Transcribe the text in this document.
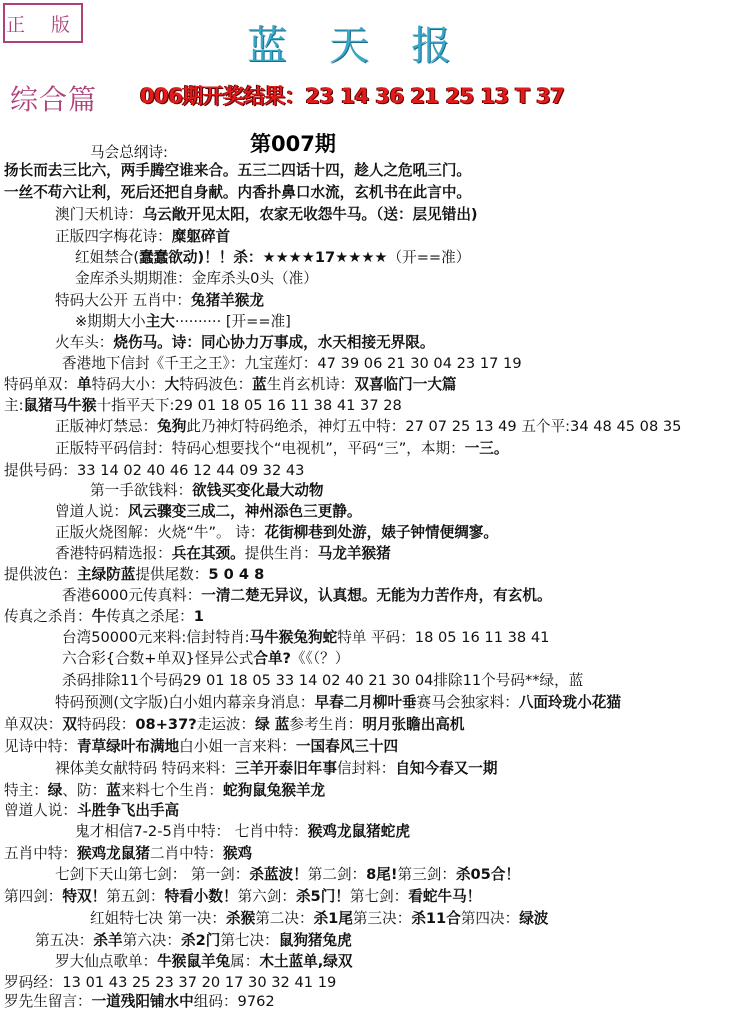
正 版	蓝天报
综合篇 006期开奖结果：23 14 36 21 25 13 T 37
第007期
马会总纲诗:
扬长而去三比六，两手腾空谁来合。五三二四话十四，趁人之危吼三门。
一丝不苟六让利，死后还把自身献。内香扑鼻口水流，玄机书在此言中。
澳门天机诗：乌云敞开见太阳，农家无收怨牛马。（送：层见错出)
正版四字梅花诗：糜躯碎首
红姐禁合(蠢蠢欲动)！！杀：★★★★17★★★★（开==准）
金库杀头期期准：金库杀头0头（准）
特码大公开 五肖中：兔猪羊猴龙
※期期大小主大·········· [开==准]
火车头：烧伤马。诗：同心协力万事成，水天相接无界限。
香港地下信封《千王之王》：九宝莲灯：47 39 06 21 30 04 23 17 19
特码单双：单特码大小：大特码波色：蓝生肖玄机诗：双喜临门一大篇
主:鼠猪马牛猴十指平天下:29 01 18 05 16 11 38 41 37 28
正版神灯禁忌：兔狗此乃神灯特码绝杀，神灯五中特：27 07 25 13 49 五个平:34 48 45 08 35
正版特平码信封：特码心想要找个“电视机”，平码“三”，本期：一三。
提供号码：33 14 02 40 46 12 44 09 32 43
第一手欲钱料：欲钱买变化最大动物
曾道人说：风云骤变三成二，神州添色三更静。
正版火烧图解：火烧“牛”。 诗：花街柳巷到处游，婊子钟情便绸寥。
香港特码精选报：兵在其颈。提供生肖：马龙羊猴猪
提供波色：主绿防蓝提供尾数：5 0 4 8
香港6000元传真料：一清二楚无异议，认真想。无能为力苦作舟，有玄机。
传真之杀肖：牛传真之杀尾：1
台湾50000元来料:信封特肖:马牛猴兔狗蛇特单 平码：18 05 16 11 38 41
六合彩{合数+单双}怪异公式合单?《《（？）
杀码排除11个号码29 01 18 05 33 14 02 40 21 30 04排除11个号码**绿，蓝
特码预测(文字版)白小姐内幕亲身消息：早春二月柳叶垂赛马会独家料：八面玲珑小花猫
单双决：双特码段：08+37?走运波：绿 蓝参考生肖：明月张瞻出高机
见诗中特：青草绿叶布满地白小姐一言来料：一国春风三十四
裸体美女献特码 特码来料：三羊开泰旧年事信封料：自知今春又一期
特主：绿、防：蓝来料七个生肖：蛇狗鼠兔猴羊龙
曾道人说：斗胜争飞出手高
鬼才相信7-2-5肖中特： 七肖中特：猴鸡龙鼠猪蛇虎
五肖中特：猴鸡龙鼠猪二肖中特：猴鸡
七剑下天山第七剑： 第一剑：杀蓝波！第二剑：8尾!第三剑：杀05合！
第四剑：特双！第五剑：特看小数！第六剑：杀5门！第七剑：看蛇牛马！
红姐特七决 第一决：杀猴第二决：杀1尾第三决：杀11合第四决：绿波
第五决：杀羊第六决：杀2门第七决：鼠狗猪兔虎
罗大仙点歌单：牛猴鼠羊兔属：木土蓝单,绿双
罗码经：13 01 43 25 23 37 20 17 30 32 41 19
罗先生留言：一道残阳铺水中组码：9762
